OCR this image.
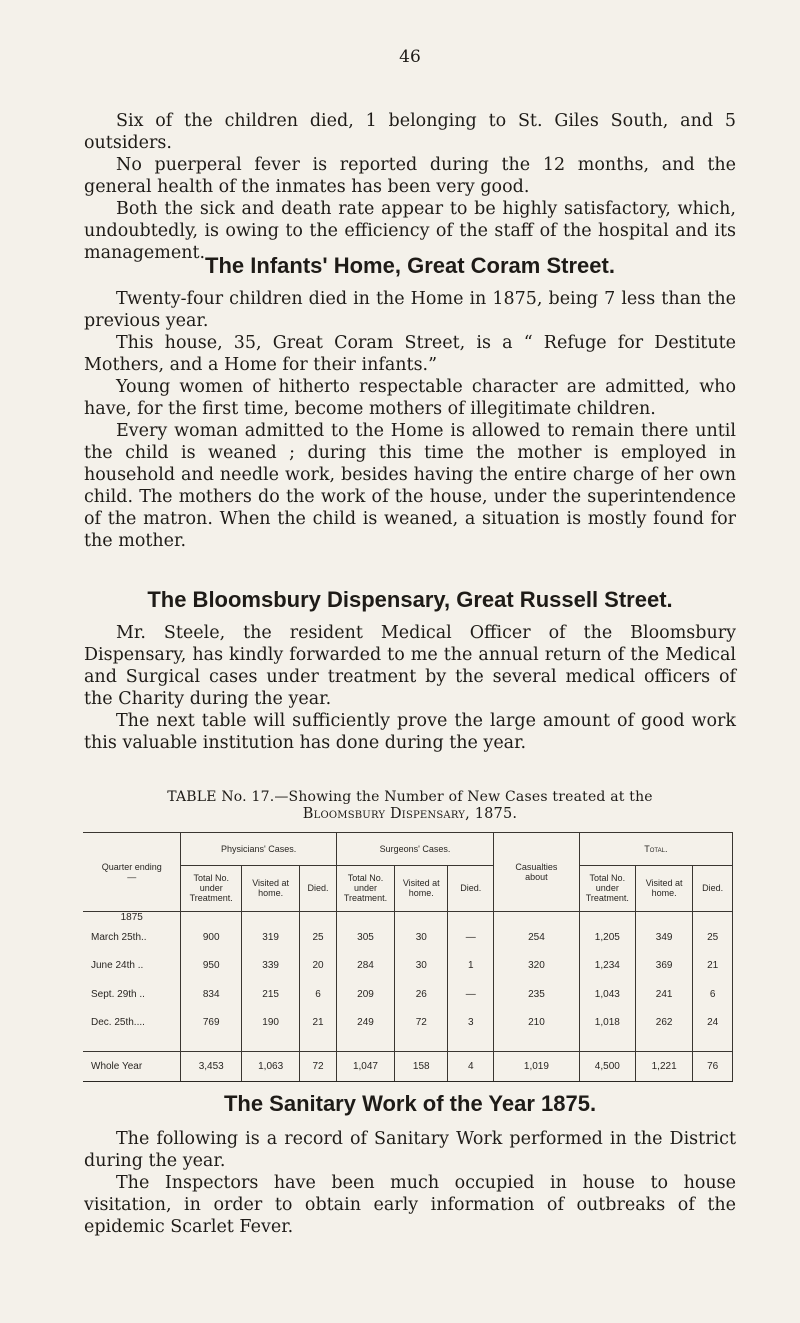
46

Six of the children died, 1 belonging to St. Giles South, and 5 outsiders.

No puerperal fever is reported during the 12 months, and the general health of the inmates has been very good.

Both the sick and death rate appear to be highly satisfactory, which, undoubtedly, is owing to the efficiency of the staff of the hospital and its management. The Infants' Home, Great Coram Street.

Twenty-four children died in the Home in 1875, being 7 less than the previous year.

This house, 35, Great Coram Street, is a “ Refuge for Destitute Mothers, and a Home for their infants.”

Young women of hitherto respectable character are admitted, who have, for the first time, become mothers of illegitimate children.

Every woman admitted to the Home is allowed to remain there until the child is weaned ; during this time the mother is employed in household and needle work, besides having the entire charge of her own child. The mothers do the work of the house, under the superintendence of the matron. When the child is weaned, a situation is mostly found for the mother.

The Bloomsbury Dispensary, Great Russell Street.

Mr. Steele, the resident Medical Officer of the Bloomsbury Dispensary, has kindly forwarded to me the annual return of the Medical and Surgical cases under treatment by the several medical officers of the Charity during the year.

The next table will sufficiently prove the large amount of good work this valuable institution has done during the year.

TABLE No. 17.—Showing the Number of New Cases treated at the

Bloomsbury Dispensary, 1875.

Quarter ending—	Physicians' Cases.			Surgeons' Cases.			Casualties about	Total.		
	Total No. under Treatment.	Visited at home.	Died.	Total No. under Treatment.	Visited at home.	Died.		Total No. under Treatment.	Visited at home.	Died.
1875										
March 25th..	900	319	25	305	30	—	254	1,205	349	25
June 24th ..	950	339	20	284	30	1	320	1,234	369	21
Sept. 29th ..	834	215	6	209	26	—	235	1,043	241	6
Dec. 25th....	769	190	21	249	72	3	210	1,018	262	24

Whole Year	3,453	1,063	72	1,047	158	4	1,019	4,500	1,221	76

The Sanitary Work of the Year 1875.

The following is a record of Sanitary Work performed in the District during the year.

The Inspectors have been much occupied in house to house visitation, in order to obtain early information of outbreaks of the epidemic Scarlet Fever.
